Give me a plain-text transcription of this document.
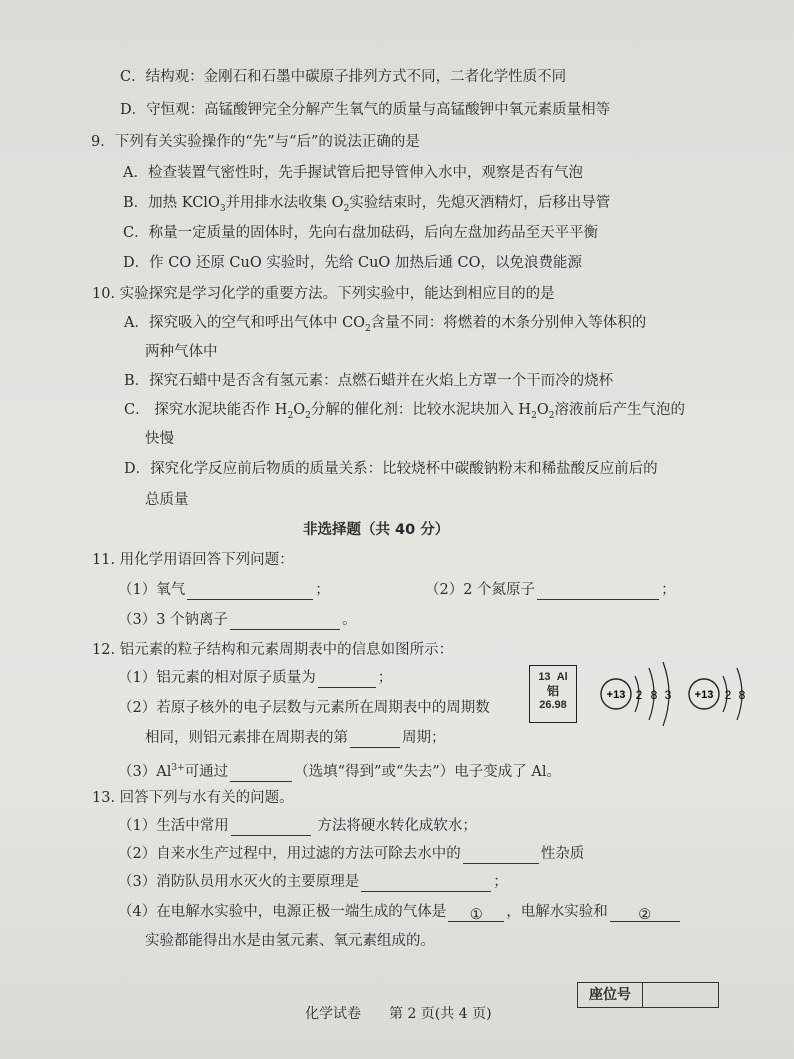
C．结构观：金刚石和石墨中碳原子排列方式不同，二者化学性质不同
D．守恒观：高锰酸钾完全分解产生氧气的质量与高锰酸钾中氧元素质量相等
9．下列有关实验操作的“先”与“后”的说法正确的是
A．检查装置气密性时，先手握试管后把导管伸入水中，观察是否有气泡
B．加热 KClO$_3$并用排水法收集 $O_2$实验结束时，先熄灭酒精灯，后移出导管
C．称量一定质量的固体时，先向右盘加砝码，后向左盘加药品至天平平衡
D．作 CO 还原 CuO 实验时，先给 CuO 加热后通 CO，以免浪费能源
10. 实验探究是学习化学的重要方法。下列实验中，能达到相应目的的是
A．探究吸入的空气和呼出气体中 $CO_2$含量不同：将燃着的木条分别伸入等体积的
两种气体中
B．探究石蜡中是否含有氢元素：点燃石蜡并在火焰上方罩一个干而冷的烧杯
C． 探究水泥块能否作 $H_2O_2$分解的催化剂：比较水泥块加入 $H_2O_2$溶液前后产生气泡的
快慢
D．探究化学反应前后物质的质量关系：比较烧杯中碳酸钠粉末和稀盐酸反应前后的
总质量
非选择题（共 40 分）
11. 用化学用语回答下列问题：
（1）氧气	；	（2）2 个氮原子	；
（3）3 个钠离子	。
12. 铝元素的粒子结构和元素周期表中的信息如图所示：
（1）铝元素的相对原子质量为	；
（2）若原子核外的电子层数与元素所在周期表中的周期数
相同，则铝元素排在周期表的第	周期；
$(3)Al^{3+}$可通过	（选填“得到”或“失去”）电子变成了 Al。
13 Al
铝
26.98
+13 2 8 3 +13 2 8
13. 回答下列与水有关的问题。
（1）生活中常用	方法将硬水转化成软水；
（2）自来水生产过程中，用过滤的方法可除去水中的	性杂质
（3）消防队员用水灭火的主要原理是	；
（4）在电解水实验中，电源正极一端生成的气体是 ① ，电解水实验和 ②
实验都能得出水是由氢元素、氧元素组成的。
座位号
化学试卷　　第 2 页(共 4 页)
